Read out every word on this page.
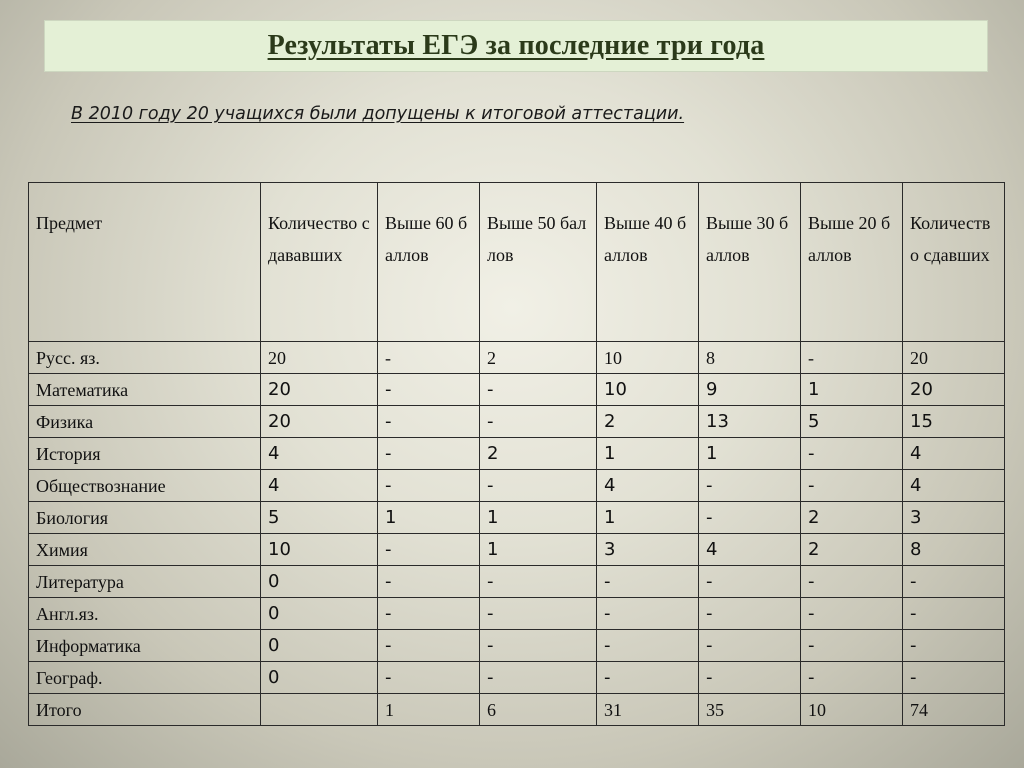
Результаты ЕГЭ за последние три года
В 2010 году 20 учащихся были допущены к итоговой аттестации.
Предмет	Количество сдававших	Выше 60 баллов	Выше 50 баллов	Выше 40 баллов	Выше 30 баллов	Выше 20 баллов	Количество сдавших
Русс. яз.	20	-	2	10	8	-	20
Математика	20	-	-	10	9	1	20
Физика	20	-	-	2	13	5	15
История	4	-	2	1	1	-	4
Обществознание	4	-	-	4	-	-	4
Биология	5	1	1	1	-	2	3
Химия	10	-	1	3	4	2	8
Литература	0	-	-	-	-	-	-
Англ.яз.	0	-	-	-	-	-	-
Информатика	0	-	-	-	-	-	-
Географ.	0	-	-	-	-	-	-
Итого		1	6	31	35	10	74
